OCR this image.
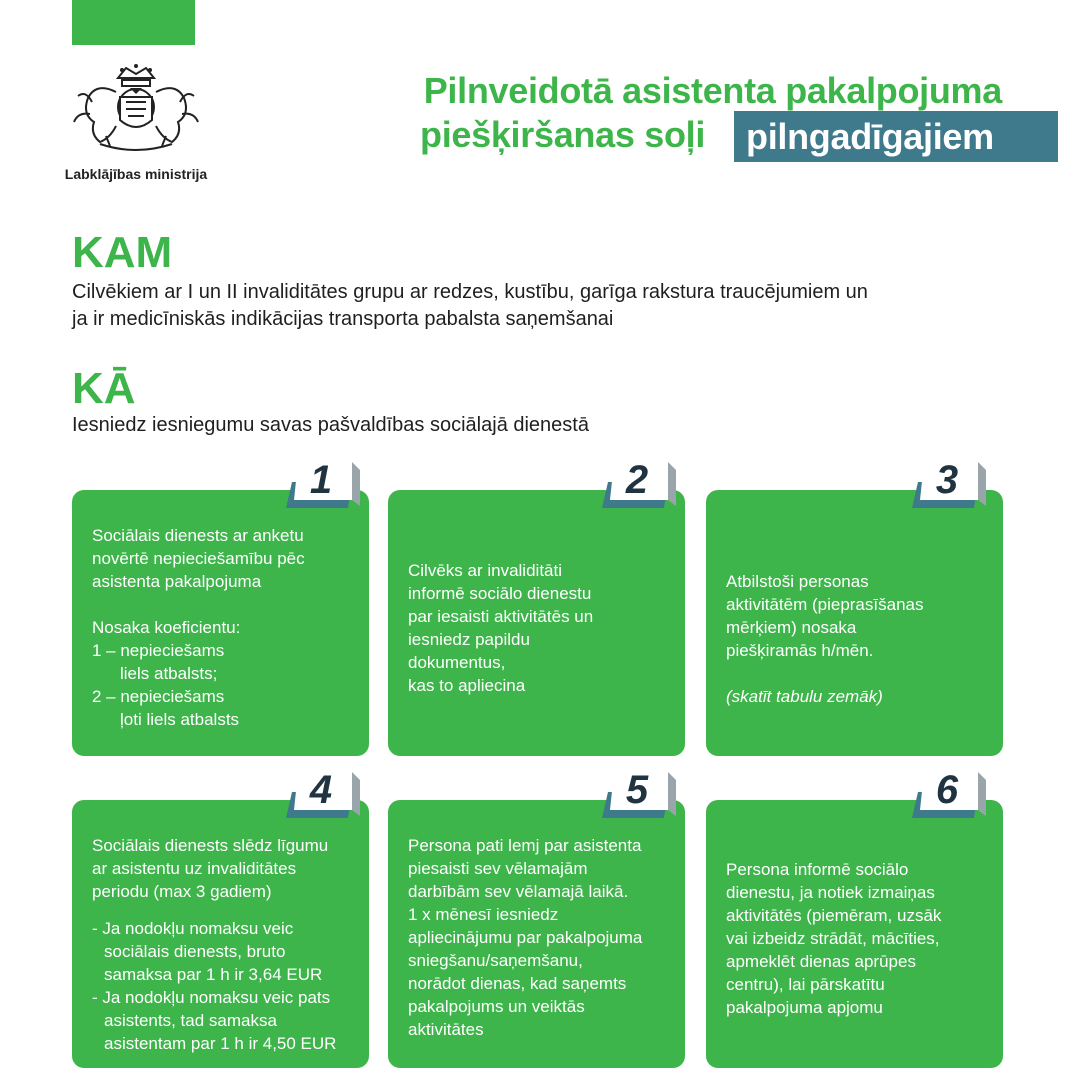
Labklājības ministrija
Pilnveidotā asistenta pakalpojuma
piešķiršanas soļi	pilngadīgajiem
KAM
Cilvēkiem ar I un II invaliditātes grupu ar redzes, kustību, garīga rakstura traucējumiem un
ja ir medicīniskās indikācijas transporta pabalsta saņemšanai
KĀ
Iesniedz iesniegumu savas pašvaldības sociālajā dienestā

Sociālais dienests ar anketu

novērtē nepieciešamību pēc

asistenta pakalpojuma

Nosaka koeficientu:

1 – nepieciešams

liels atbalsts;

2 – nepieciešams

ļoti liels atbalsts

1

Cilvēks ar invaliditāti

informē sociālo dienestu

par iesaisti aktivitātēs un

iesniedz papildu

dokumentus,

kas to apliecina

2

Atbilstoši personas

aktivitātēm (pieprasīšanas

mērķiem) nosaka

piešķiramās h/mēn.

(skatīt tabulu zemāk)

3

Sociālais dienests slēdz līgumu

ar asistentu uz invaliditātes

periodu (max 3 gadiem)

- Ja nodokļu nomaksu veic

sociālais dienests, bruto

samaksa par 1 h ir 3,64 EUR

- Ja nodokļu nomaksu veic pats

asistents, tad samaksa

asistentam par 1 h ir 4,50 EUR

4

Persona pati lemj par asistenta

piesaisti sev vēlamajām

darbībām sev vēlamajā laikā.

1 x mēnesī iesniedz

apliecinājumu par pakalpojuma

sniegšanu/saņemšanu,

norādot dienas, kad saņemts

pakalpojums un veiktās

aktivitātes

5

Persona informē sociālo

dienestu, ja notiek izmaiņas

aktivitātēs (piemēram, uzsāk

vai izbeidz strādāt, mācīties,

apmeklēt dienas aprūpes

centru), lai pārskatītu

pakalpojuma apjomu

6
